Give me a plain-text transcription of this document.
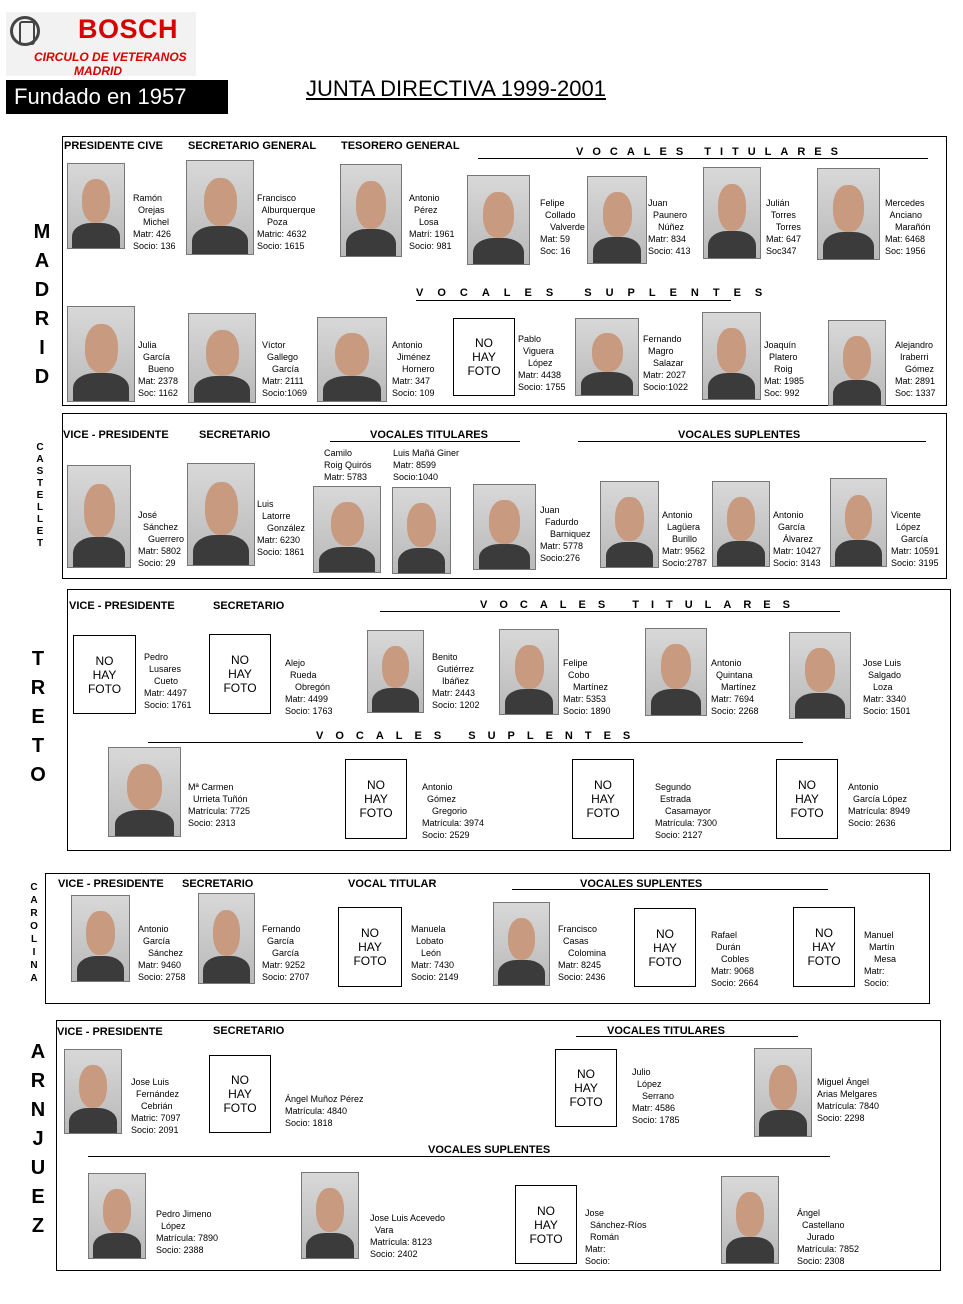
BOSCH
CIRCULO DE VETERANOS
MADRID
Fundado en 1957	JUNTA DIRECTIVA 1999-2001
M
A
D
R
I
D
PRESIDENTE CIVE SECRETARIO GENERAL TESORERO GENERAL	VOCALES TITULARES
VOCALES SUPLENTES
Ramón
Orejas
Michel
Matr: 426
Socio: 136
Francisco
Alburquerque
Poza
Matric: 4632
Socio: 1615
Antonio
Pérez
Losa
Matrí: 1961
Socio: 981
Felipe
Collado
Valverde
Mat: 59
Soc: 16
Juan
Paunero
Núñez
Matr: 834
Socio: 413
Julián
Torres
Torres
Mat: 647
Soc347
Mercedes
Anciano
Marañón
Mat: 6468
Soc: 1956
Julia
García
Bueno
Mat: 2378
Soc: 1162
Víctor
Gallego
García
Matr: 2111
Socio:1069
Antonio
Jiménez
Hornero
Matr: 347
Socio: 109
NO
HAY
FOTO
Pablo
Viguera
López
Matr: 4438
Socio: 1755
Fernando
Magro
Salazar
Matr: 2027
Socio:1022
Joaquín
Platero
Roig
Mat: 1985
Soc: 992
Alejandro
Iraberri
Gómez
Mat: 2891
Soc: 1337
C
A
S
T
E
L
L
E
T
VICE - PRESIDENTE	SECRETARIO	VOCALES TITULARES	VOCALES SUPLENTES
José
Sánchez
Guerrero
Matr: 5802
Socio: 29
Luis
Latorre
González
Matr: 6230
Socio: 1861
Camilo
Roig Quirós
Matr: 5783
Luis Mañá Giner
Matr: 8599
Socio:1040
Juan
Fadurdo
Barniquez
Matr: 5778
Socio:276
Antonio
Lagüera
Burillo
Matr: 9562
Socio:2787
Antonio
García
Álvarez
Matr: 10427
Socio: 3143
Vicente
López
García
Matr: 10591
Socio: 3195
T
R
E
T
O
VICE - PRESIDENTE	SECRETARIO	VOCALES TITULARES
VOCALES SUPLENTES
NO
HAY
FOTO
Pedro
Lusares
Cueto
Matr: 4497
Socio: 1761
NO
HAY
FOTO
Alejo
Rueda
Obregón
Matr: 4499
Socio: 1763
Benito
Gutiérrez
Ibáñez
Matr: 2443
Socio: 1202
Felipe
Cobo
Martínez
Matr: 5353
Socio: 1890
Antonio
Quintana
Martínez
Matr: 7694
Socio: 2268
Jose Luis
Salgado
Loza
Matr: 3340
Socio: 1501
Mª Carmen
Urrieta Tuñón
Matrícula: 7725
Socio: 2313
NO
HAY
FOTO
Antonio
Gómez
Gregorio
Matrícula: 3974
Socio: 2529
NO
HAY
FOTO
Segundo
Estrada
Casamayor
Matrícula: 7300
Socio: 2127
NO
HAY
FOTO
Antonio
García López
Matrícula: 8949
Socio: 2636
C
A
R
O
L
I
N
A
VICE - PRESIDENTE SECRETARIO	VOCAL TITULAR	VOCALES SUPLENTES
Antonio
García
Sánchez
Matr: 9460
Socio: 2758
Fernando
García
García
Matr: 9252
Socio: 2707
NO
HAY
FOTO
Manuela
Lobato
León
Matr: 7430
Socio: 2149
Francisco
Casas
Colomina
Matr: 8245
Socio: 2436
NO
HAY
FOTO
Rafael
Durán
Cobles
Matr: 9068
Socio: 2664
NO
HAY
FOTO
Manuel
Martín
Mesa
Matr:
Socio:
A
R
N
J
U
E
Z
VICE - PRESIDENTE	SECRETARIO	VOCALES TITULARES
VOCALES SUPLENTES
Jose Luis
Fernández
Cebrián
Matric: 7097
Socio: 2091
NO
HAY
FOTO
Ángel Muñoz Pérez
Matrícula: 4840
Socio: 1818
NO
HAY
FOTO
Julio
López
Serrano
Matr: 4586
Socio: 1785
Miguel Ángel
Arias Melgares
Matrícula: 7840
Socio: 2298
Pedro Jimeno
López
Matrícula: 7890
Socio: 2388
Jose Luis Acevedo
Vara
Matrícula: 8123
Socio: 2402
NO
HAY
FOTO
Jose
Sánchez-Ríos
Román
Matr:
Socio:
Ángel
Castellano
Jurado
Matrícula: 7852
Socio: 2308
